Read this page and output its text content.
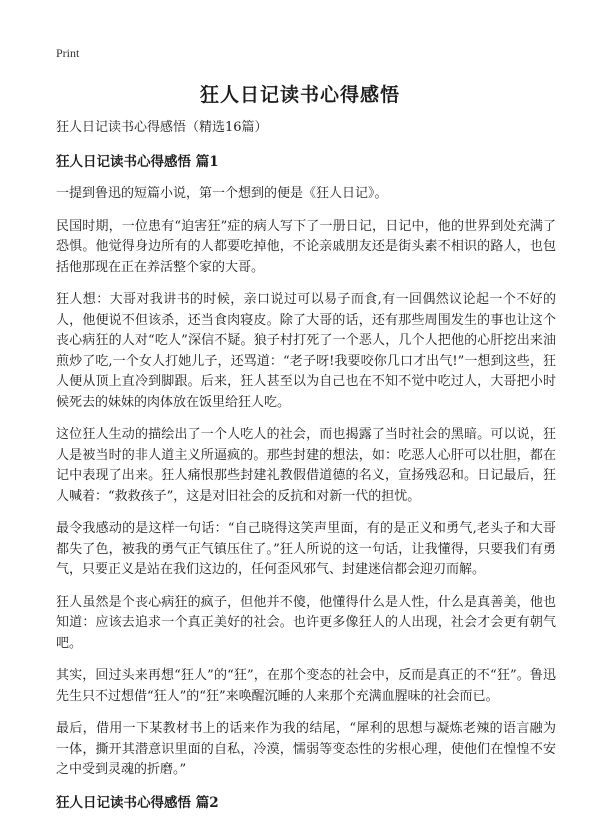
Print
狂人日记读书心得感悟

狂人日记读书心得感悟（精选16篇）

狂人日记读书心得感悟 篇1

一提到鲁迅的短篇小说，第一个想到的便是《狂人日记》。

民国时期，一位患有“迫害狂”症的病人写下了一册日记，日记中，他的世界到处充满了恐惧。他觉得身边所有的人都要吃掉他，不论亲戚朋友还是街头素不相识的路人，也包括他那现在正在养活整个家的大哥。

狂人想：大哥对我讲书的时候，亲口说过可以易子而食,有一回偶然议论起一个不好的人，他便说不但该杀，还当食肉寝皮。除了大哥的话，还有那些周围发生的事也让这个丧心病狂的人对“吃人”深信不疑。狼子村打死了一个恶人，几个人把他的心肝挖出来油煎炒了吃,一个女人打她儿子，还骂道：“老子呀!我要咬你几口才出气!”一想到这些，狂人便从顶上直冷到脚跟。后来，狂人甚至以为自己也在不知不觉中吃过人，大哥把小时候死去的妹妹的肉体放在饭里给狂人吃。

这位狂人生动的描绘出了一个人吃人的社会，而也揭露了当时社会的黑暗。可以说，狂人是被当时的非人道主义所逼疯的。那些封建的想法，如：吃恶人心肝可以壮胆，都在记中表现了出来。狂人痛恨那些封建礼教假借道德的名义，宣扬残忍和。日记最后，狂人喊着：“救救孩子”，这是对旧社会的反抗和对新一代的担忧。

最令我感动的是这样一句话：“自己晓得这笑声里面，有的是正义和勇气,老头子和大哥都失了色，被我的勇气正气镇压住了。”狂人所说的这一句话，让我懂得，只要我们有勇气，只要正义是站在我们这边的，任何歪风邪气、封建迷信都会迎刃而解。

狂人虽然是个丧心病狂的疯子，但他并不傻，他懂得什么是人性，什么是真善美，他也知道：应该去追求一个真正美好的社会。也许更多像狂人的人出现，社会才会更有朝气吧。

其实，回过头来再想“狂人”的“狂”，在那个变态的社会中，反而是真正的不“狂”。鲁迅先生只不过想借“狂人”的“狂”来唤醒沉睡的人来那个充满血腥味的社会而已。

最后，借用一下某教材书上的话来作为我的结尾，“犀利的思想与凝炼老辣的语言融为一体，撕开其潜意识里面的自私，冷漠，懦弱等变态性的劣根心理，使他们在惶惶不安之中受到灵魂的折磨。”

狂人日记读书心得感悟 篇2
